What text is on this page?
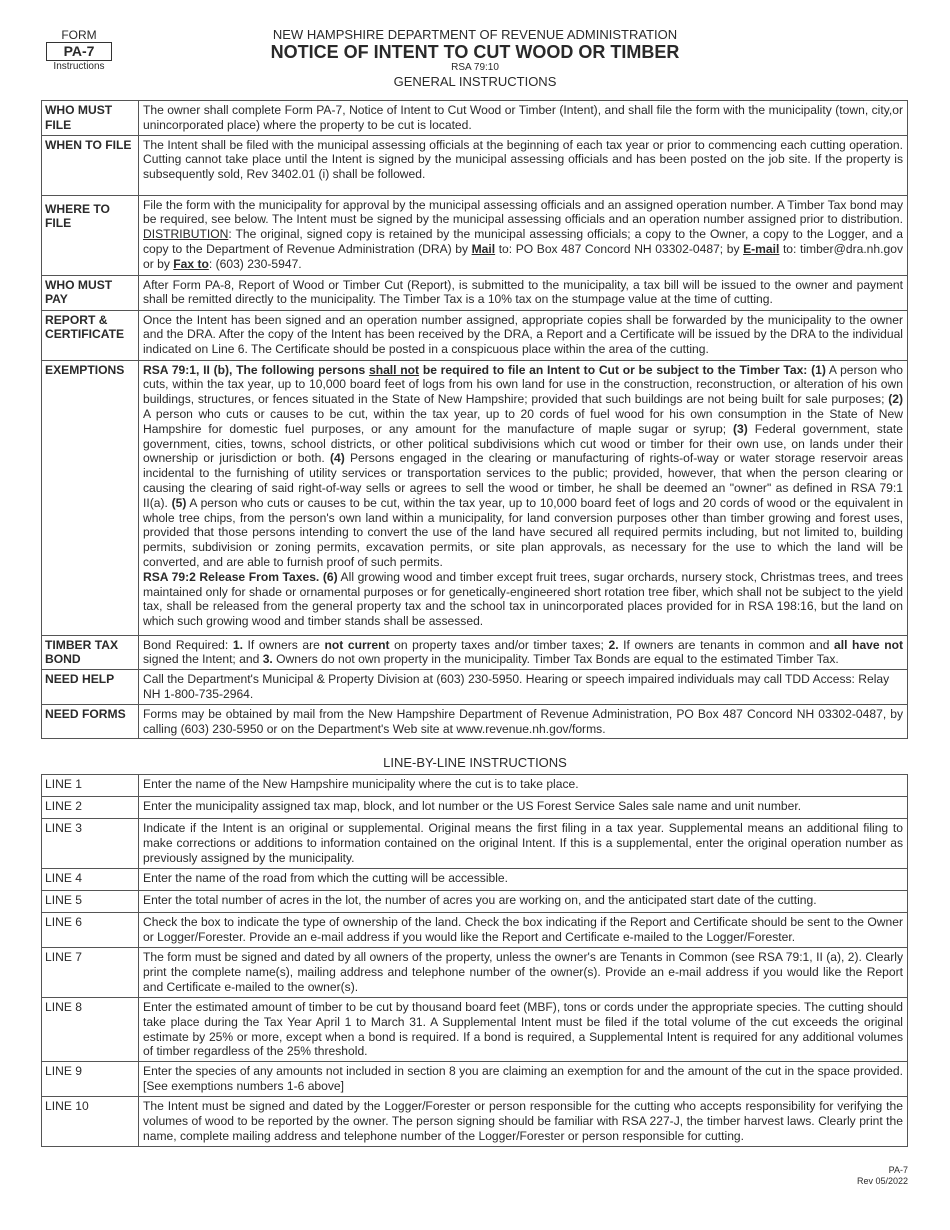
FORM
PA-7
Instructions
NEW HAMPSHIRE DEPARTMENT OF REVENUE ADMINISTRATION
NOTICE OF INTENT TO CUT WOOD OR TIMBER
RSA 79:10
GENERAL INSTRUCTIONS
WHO MUST FILE	The owner shall complete Form PA-7, Notice of Intent to Cut Wood or Timber (Intent), and shall file the form with the municipality (town, city,or unincorporated place) where the property to be cut is located.
WHEN TO FILE	The Intent shall be filed with the municipal assessing officials at the beginning of each tax year or prior to commencing each cutting operation. Cutting cannot take place until the Intent is signed by the municipal assessing officials and has been posted on the job site. If the property is subsequently sold, Rev 3402.01 (i) shall be followed.
WHERE TO FILE	File the form with the municipality for approval by the municipal assessing officials and an assigned operation number. A Timber Tax bond may be required, see below. The Intent must be signed by the municipal assessing officials and an operation number assigned prior to distribution. DISTRIBUTION: The original, signed copy is retained by the municipal assessing officials; a copy to the Owner, a copy to the Logger, and a copy to the Department of Revenue Administration (DRA) by Mail to: PO Box 487 Concord NH 03302-0487; by E-mail to: timber@dra.nh.gov or by Fax to: (603) 230-5947.
WHO MUST PAY	After Form PA-8, Report of Wood or Timber Cut (Report), is submitted to the municipality, a tax bill will be issued to the owner and payment shall be remitted directly to the municipality. The Timber Tax is a 10% tax on the stumpage value at the time of cutting.
REPORT & CERTIFICATE	Once the Intent has been signed and an operation number assigned, appropriate copies shall be forwarded by the municipality to the owner and the DRA. After the copy of the Intent has been received by the DRA, a Report and a Certificate will be issued by the DRA to the individual indicated on Line 6. The Certificate should be posted in a conspicuous place within the area of the cutting.
EXEMPTIONS	RSA 79:1, II (b), The following persons shall not be required to file an Intent to Cut or be subject to the Timber Tax: (1) A person who cuts, within the tax year, up to 10,000 board feet of logs from his own land for use in the construction, reconstruction, or alteration of his own buildings, structures, or fences situated in the State of New Hampshire; provided that such buildings are not being built for sale purposes; (2) A person who cuts or causes to be cut, within the tax year, up to 20 cords of fuel wood for his own consumption in the State of New Hampshire for domestic fuel purposes, or any amount for the manufacture of maple sugar or syrup; (3) Federal government, state government, cities, towns, school districts, or other political subdivisions which cut wood or timber for their own use, on lands under their ownership or jurisdiction or both. (4) Persons engaged in the clearing or manufacturing of rights-of-way or water storage reservoir areas incidental to the furnishing of utility services or transportation services to the public; provided, however, that when the person clearing or causing the clearing of said right-of-way sells or agrees to sell the wood or timber, he shall be deemed an "owner" as defined in RSA 79:1 II(a). (5) A person who cuts or causes to be cut, within the tax year, up to 10,000 board feet of logs and 20 cords of wood or the equivalent in whole tree chips, from the person's own land within a municipality, for land conversion purposes other than timber growing and forest uses, provided that those persons intending to convert the use of the land have secured all required permits including, but not limited to, building permits, subdivision or zoning permits, excavation permits, or site plan approvals, as necessary for the use to which the land will be converted, and are able to furnish proof of such permits.
RSA 79:2 Release From Taxes. (6) All growing wood and timber except fruit trees, sugar orchards, nursery stock, Christmas trees, and trees maintained only for shade or ornamental purposes or for genetically-engineered short rotation tree fiber, which shall not be subject to the yield tax, shall be released from the general property tax and the school tax in unincorporated places provided for in RSA 198:16, but the land on which such growing wood and timber stands shall be assessed.
TIMBER TAX BOND	Bond Required: 1. If owners are not current on property taxes and/or timber taxes; 2. If owners are tenants in common and all have not signed the Intent; and 3. Owners do not own property in the municipality. Timber Tax Bonds are equal to the estimated Timber Tax.
NEED HELP	Call the Department's Municipal & Property Division at (603) 230-5950. Hearing or speech impaired individuals may call TDD Access: Relay NH 1-800-735-2964.
NEED FORMS	Forms may be obtained by mail from the New Hampshire Department of Revenue Administration, PO Box 487 Concord NH 03302-0487, by calling (603) 230-5950 or on the Department's Web site at www.revenue.nh.gov/forms.
LINE-BY-LINE INSTRUCTIONS
LINE 1	Enter the name of the New Hampshire municipality where the cut is to take place.
LINE 2	Enter the municipality assigned tax map, block, and lot number or the US Forest Service Sales sale name and unit number.
LINE 3	Indicate if the Intent is an original or supplemental. Original means the first filing in a tax year. Supplemental means an additional filing to make corrections or additions to information contained on the original Intent. If this is a supplemental, enter the original operation number as previously assigned by the municipality.
LINE 4	Enter the name of the road from which the cutting will be accessible.
LINE 5	Enter the total number of acres in the lot, the number of acres you are working on, and the anticipated start date of the cutting.
LINE 6	Check the box to indicate the type of ownership of the land. Check the box indicating if the Report and Certificate should be sent to the Owner or Logger/Forester. Provide an e-mail address if you would like the Report and Certificate e-mailed to the Logger/Forester.
LINE 7	The form must be signed and dated by all owners of the property, unless the owner's are Tenants in Common (see RSA 79:1, II (a), 2). Clearly print the complete name(s), mailing address and telephone number of the owner(s). Provide an e-mail address if you would like the Report and Certificate e-mailed to the owner(s).
LINE 8	Enter the estimated amount of timber to be cut by thousand board feet (MBF), tons or cords under the appropriate species. The cutting should take place during the Tax Year April 1 to March 31. A Supplemental Intent must be filed if the total volume of the cut exceeds the original estimate by 25% or more, except when a bond is required. If a bond is required, a Supplemental Intent is required for any additional volumes of timber regardless of the 25% threshold.
LINE 9	Enter the species of any amounts not included in section 8 you are claiming an exemption for and the amount of the cut in the space provided. [See exemptions numbers 1-6 above]
LINE 10	The Intent must be signed and dated by the Logger/Forester or person responsible for the cutting who accepts responsibility for verifying the volumes of wood to be reported by the owner. The person signing should be familiar with RSA 227-J, the timber harvest laws. Clearly print the name, complete mailing address and telephone number of the Logger/Forester or person responsible for cutting.
PA-7
Rev 05/2022
